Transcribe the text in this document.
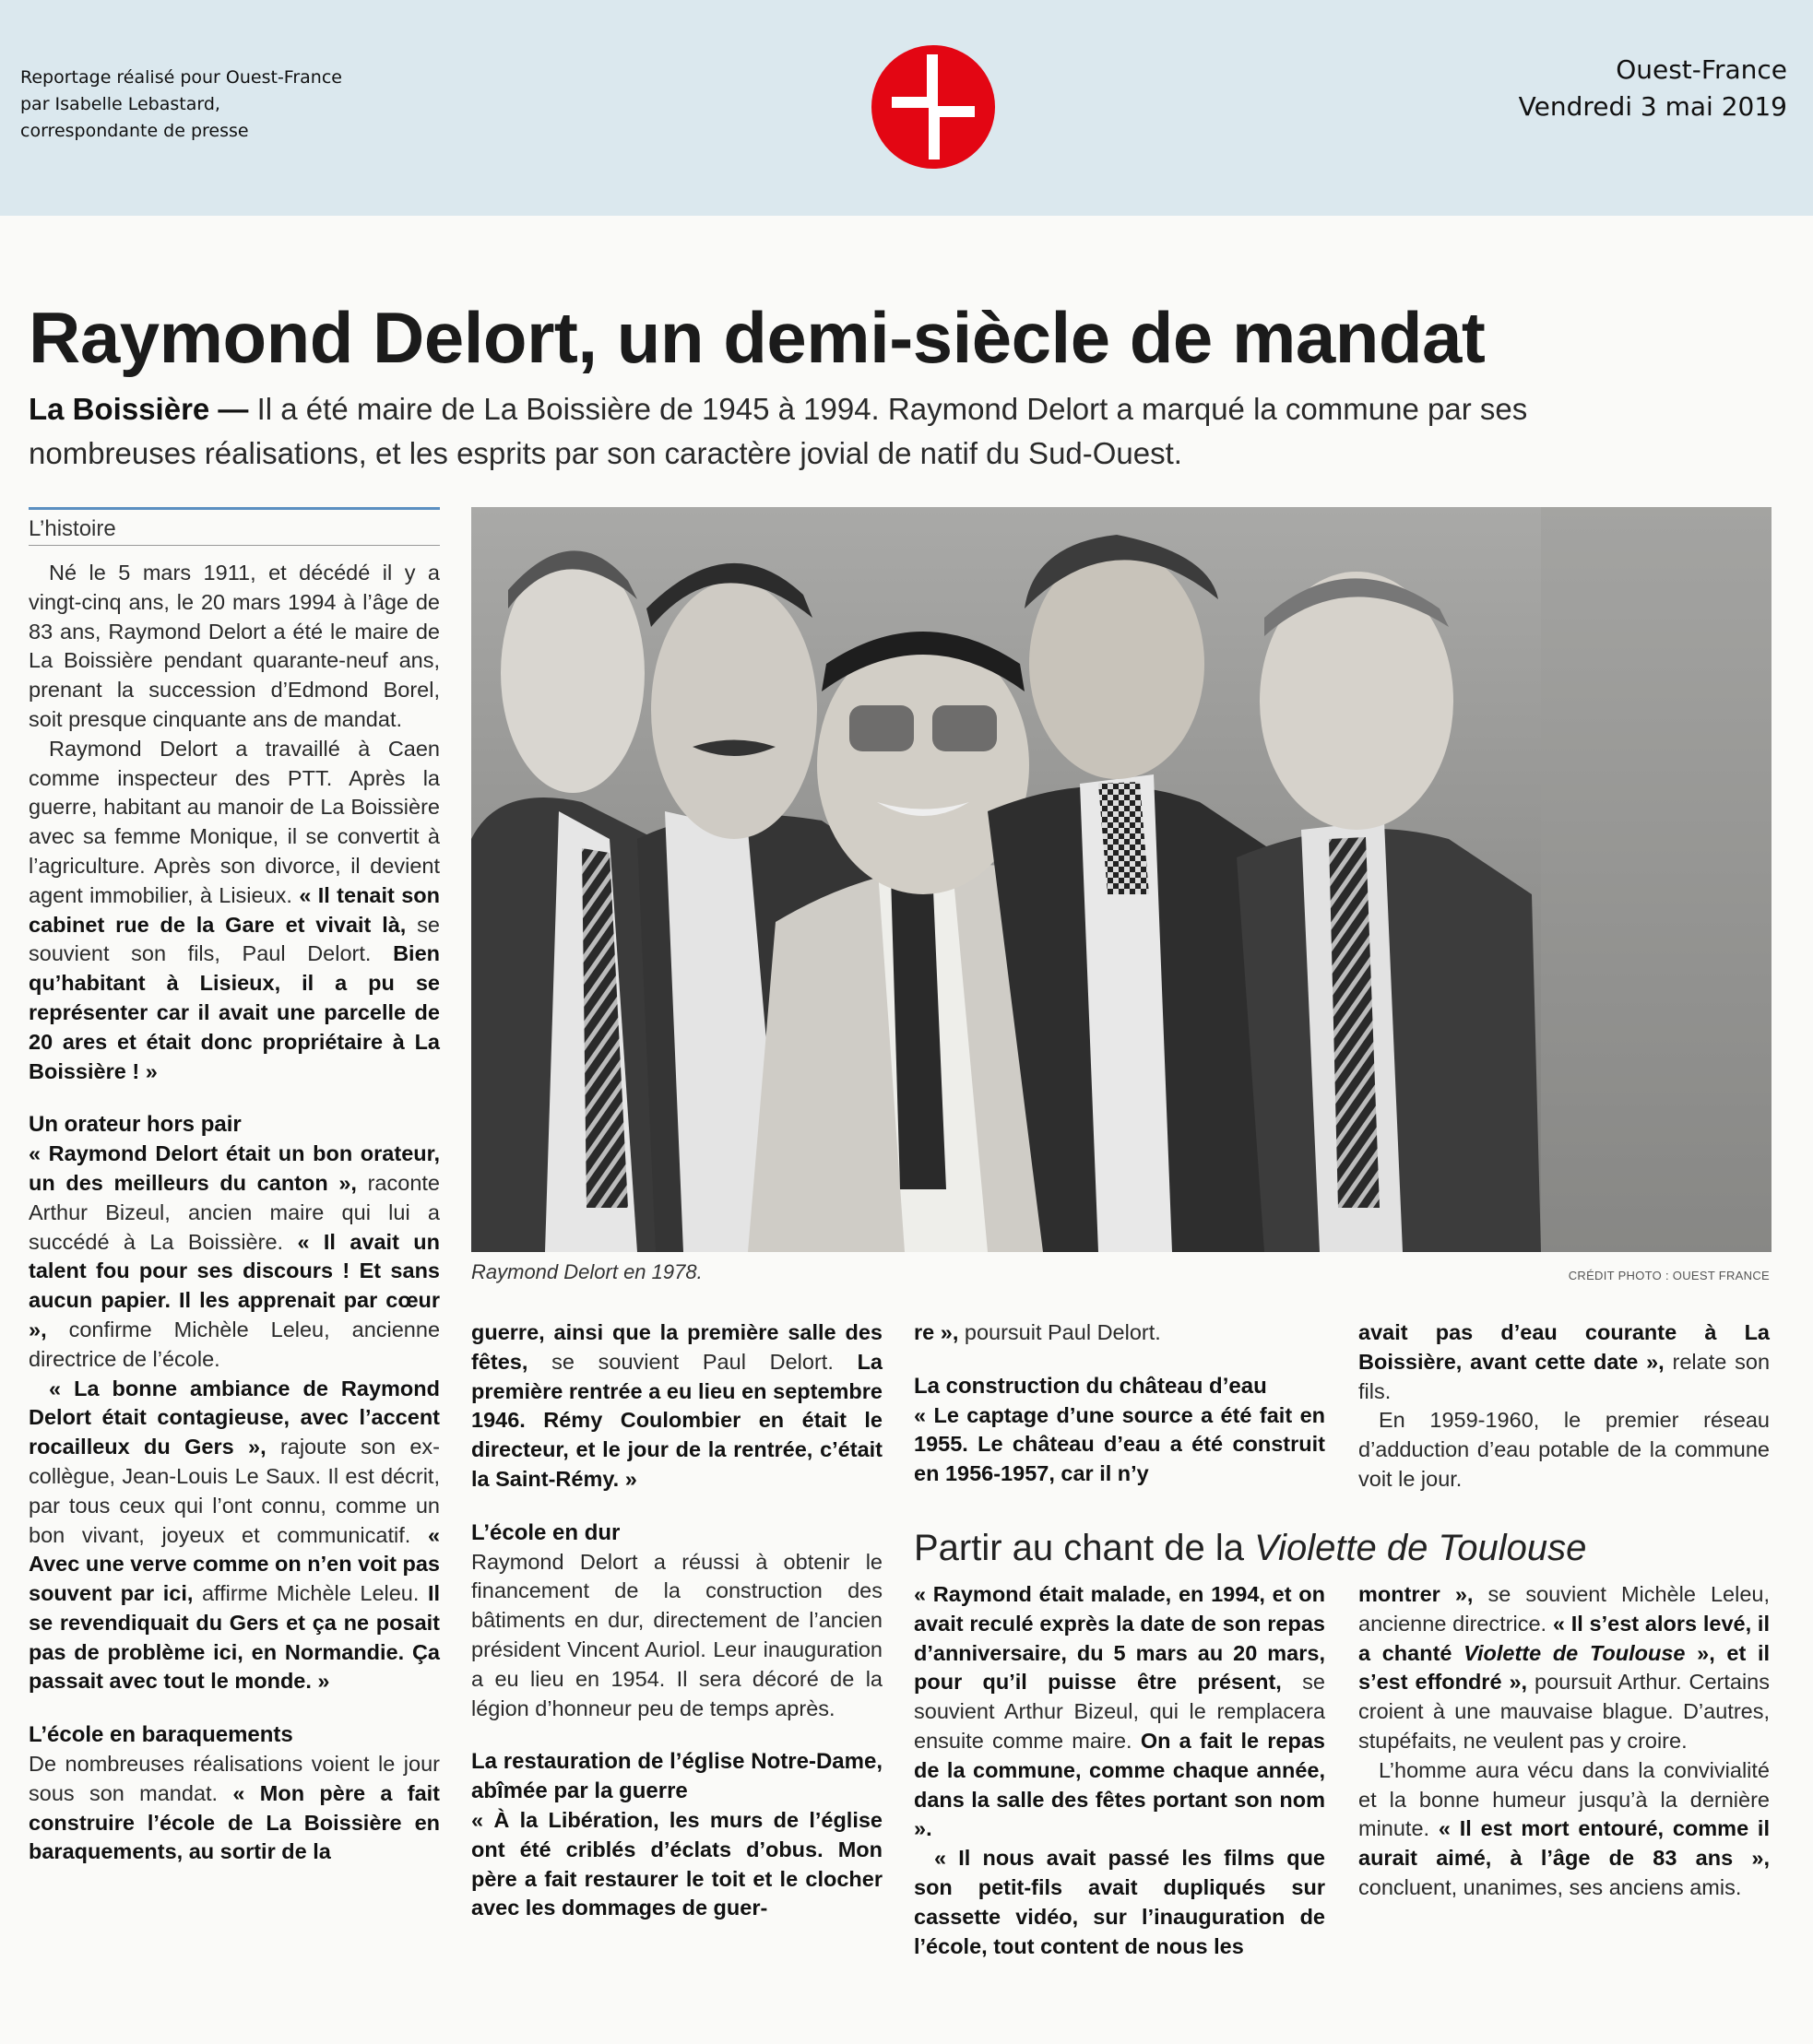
Reportage réalisé pour Ouest-France
par Isabelle Lebastard,
correspondante de presse
Ouest-France
Vendredi 3 mai 2019
Raymond Delort, un demi-siècle de mandat
La Boissière — Il a été maire de La Boissière de 1945 à 1994. Raymond Delort a marqué la commune par ses nombreuses réalisations, et les esprits par son caractère jovial de natif du Sud-Ouest.
L’histoire

Né le 5 mars 1911, et décédé il y a vingt-cinq ans, le 20 mars 1994 à l’âge de 83 ans, Raymond Delort a été le maire de La Boissière pendant quarante-neuf ans, prenant la succession d’Edmond Borel, soit presque cinquante ans de mandat.

Raymond Delort a travaillé à Caen comme inspecteur des PTT. Après la guerre, habitant au manoir de La Boissière avec sa femme Monique, il se convertit à l’agriculture. Après son divorce, il devient agent immobilier, à Lisieux. « Il tenait son cabinet rue de la Gare et vivait là, se souvient son fils, Paul Delort. Bien qu’habitant à Lisieux, il a pu se représenter car il avait une parcelle de 20 ares et était donc propriétaire à La Boissière ! »

Un orateur hors pair

« Raymond Delort était un bon orateur, un des meilleurs du canton », raconte Arthur Bizeul, ancien maire qui lui a succédé à La Boissière. « Il avait un talent fou pour ses discours ! Et sans aucun papier. Il les apprenait par cœur », confirme Michèle Leleu, ancienne directrice de l’école.

« La bonne ambiance de Raymond Delort était contagieuse, avec l’accent rocailleux du Gers », rajoute son ex-collègue, Jean-Louis Le Saux. Il est décrit, par tous ceux qui l’ont connu, comme un bon vivant, joyeux et communicatif. « Avec une verve comme on n’en voit pas souvent par ici, affirme Michèle Leleu. Il se revendiquait du Gers et ça ne posait pas de problème ici, en Normandie. Ça passait avec tout le monde. »

L’école en baraquements

De nombreuses réalisations voient le jour sous son mandat. « Mon père a fait construire l’école de La Boissière en baraquements, au sortir de la

Raymond Delort en 1978.	CRÉDIT PHOTO : OUEST FRANCE

guerre, ainsi que la première salle des fêtes, se souvient Paul Delort. La première rentrée a eu lieu en septembre 1946. Rémy Coulombier en était le directeur, et le jour de la rentrée, c’était la Saint-Rémy. »

L’école en dur

Raymond Delort a réussi à obtenir le financement de la construction des bâtiments en dur, directement de l’ancien président Vincent Auriol. Leur inauguration a eu lieu en 1954. Il sera décoré de la légion d’honneur peu de temps après.

La restauration de l’église Notre-Dame, abîmée par la guerre

« À la Libération, les murs de l’église ont été criblés d’éclats d’obus. Mon père a fait restaurer le toit et le clocher avec les dommages de guer-

re », poursuit Paul Delort.

La construction du château d’eau

« Le captage d’une source a été fait en 1955. Le château d’eau a été construit en 1956-1957, car il n’y

avait pas d’eau courante à La Boissière, avant cette date », relate son fils.

En 1959-1960, le premier réseau d’adduction d’eau potable de la commune voit le jour.

Partir au chant de la Violette de Toulouse

« Raymond était malade, en 1994, et on avait reculé exprès la date de son repas d’anniversaire, du 5 mars au 20 mars, pour qu’il puisse être présent, se souvient Arthur Bizeul, qui le remplacera ensuite comme maire. On a fait le repas de la commune, comme chaque année, dans la salle des fêtes portant son nom ».

« Il nous avait passé les films que son petit-fils avait dupliqués sur cassette vidéo, sur l’inauguration de l’école, tout content de nous les

montrer », se souvient Michèle Leleu, ancienne directrice. « Il s’est alors levé, il a chanté Violette de Toulouse », et il s’est effondré », poursuit Arthur. Certains croient à une mauvaise blague. D’autres, stupéfaits, ne veulent pas y croire.

L’homme aura vécu dans la convivialité et la bonne humeur jusqu’à la dernière minute. « Il est mort entouré, comme il aurait aimé, à l’âge de 83 ans », concluent, unanimes, ses anciens amis.
